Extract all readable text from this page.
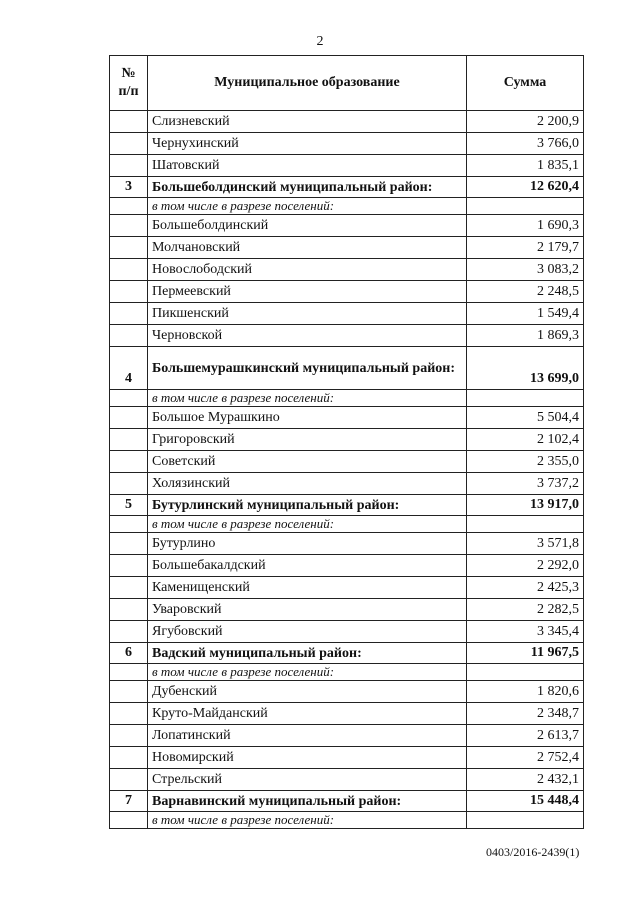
2
№
п/п	Муниципальное образование	Сумма
	Слизневский	2 200,9
	Чернухинский	3 766,0
	Шатовский	1 835,1
3	Большеболдинский муниципальный район:	12 620,4
	в том числе в разрезе поселений:	
	Большеболдинский	1 690,3
	Молчановский	2 179,7
	Новослободский	3 083,2
	Пермеевский	2 248,5
	Пикшенский	1 549,4
	Черновской	1 869,3
4	Большемурашкинский муниципальный район:	13 699,0
	в том числе в разрезе поселений:	
	Большое Мурашкино	5 504,4
	Григоровский	2 102,4
	Советский	2 355,0
	Холязинский	3 737,2
5	Бутурлинский муниципальный район:	13 917,0
	в том числе в разрезе поселений:	
	Бутурлино	3 571,8
	Большебакалдский	2 292,0
	Каменищенский	2 425,3
	Уваровский	2 282,5
	Ягубовский	3 345,4
6	Вадский муниципальный район:	11 967,5
	в том числе в разрезе поселений:	
	Дубенский	1 820,6
	Круто-Майданский	2 348,7
	Лопатинский	2 613,7
	Новомирский	2 752,4
	Стрельский	2 432,1
7	Варнавинский муниципальный район:	15 448,4
	в том числе в разрезе поселений:	
0403/2016-2439(1)
